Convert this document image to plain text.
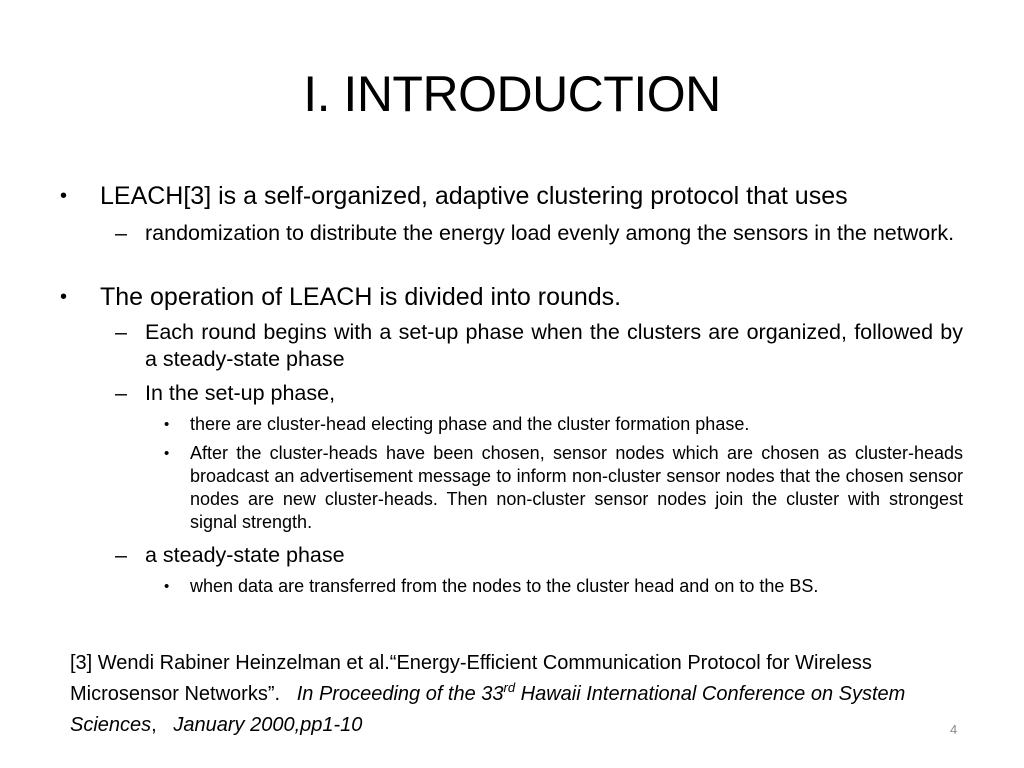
I. INTRODUCTION
• LEACH[3] is a self-organized, adaptive clustering protocol that uses
– randomization to distribute the energy load evenly among the sensors in the network.
• The operation of LEACH is divided into rounds.
– Each round begins with a set-up phase when the clusters are organized, followed by a steady-state phase
– In the set-up phase,
• there are cluster-head electing phase and the cluster formation phase.
• After the cluster-heads have been chosen, sensor nodes which are chosen as cluster-heads broadcast an advertisement message to inform non-cluster sensor nodes that the chosen sensor nodes are new cluster-heads. Then non-cluster sensor nodes join the cluster with strongest signal strength.
– a steady-state phase
• when data are transferred from the nodes to the cluster head and on to the BS.
[3] Wendi Rabiner Heinzelman et al.“Energy-Efficient Communication Protocol for Wireless Microsensor Networks”. In Proceeding of the 33rd Hawaii International Conference on System Sciences, January 2000,pp1-10	4
